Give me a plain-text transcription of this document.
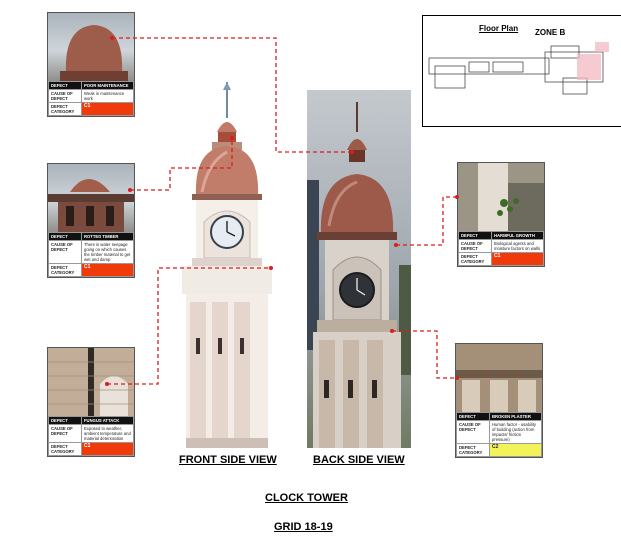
DEFECT	POOR MAINTENANCE
CAUSE OF DEFECT	Weak in maintenance work
DEFECT CATEGORY	C1
DEFECT	ROTTED TIMBER
CAUSE OF DEFECT	There is water seepage going on which causes the timber material to get wet and damp
DEFECT CATEGORY	C1
DEFECT	FUNGUS ATTACK
CAUSE OF DEFECT	Exposed to weather, ambient temperature and material deterioration
DEFECT CATEGORY	C1
DEFECT	HARMFUL GROWTH
CAUSE OF DEFECT	Biological agents and moisture factors on walls
DEFECT CATEGORY	C1
DEFECT	BROKEN PLASTER
CAUSE OF DEFECT	Human factor - usability of building (action from impacts/ friction pressure)
DEFECT CATEGORY	C2
Floor Plan ZONE B
FRONT SIDE VIEW	BACK SIDE VIEW
CLOCK TOWER
GRID 18-19
